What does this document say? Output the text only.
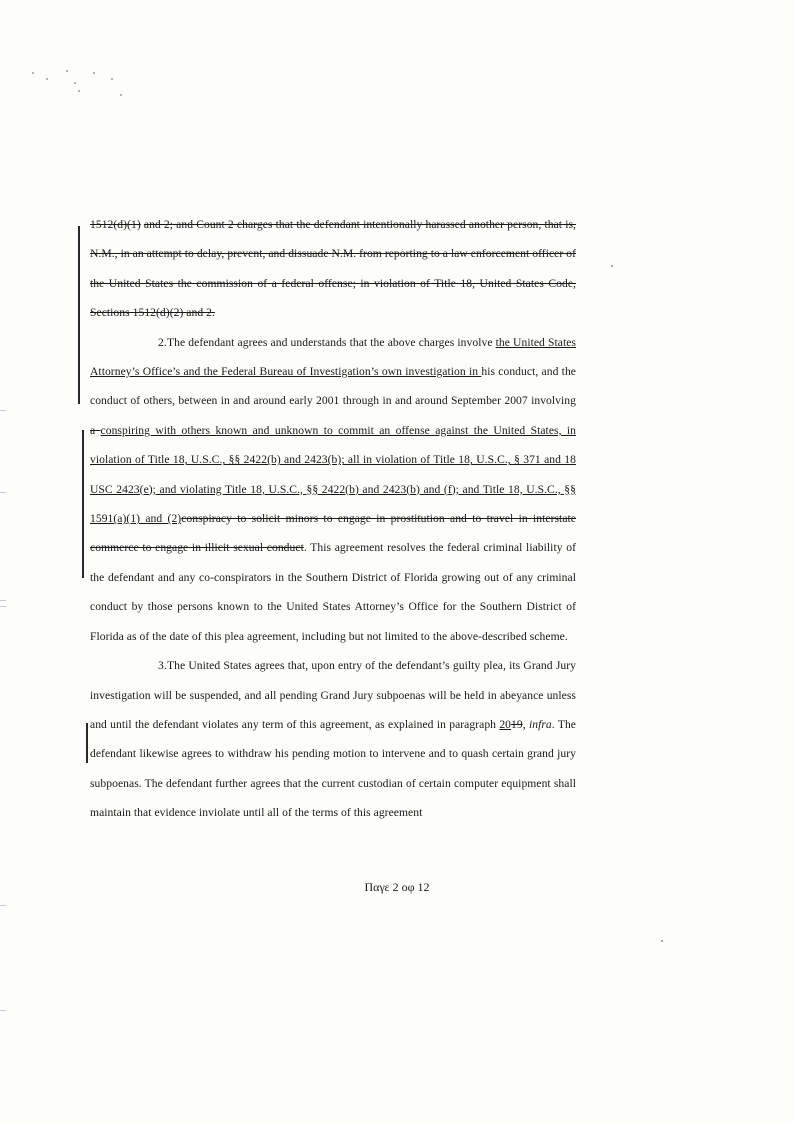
1512(d)(1) and 2; and Count 2 charges that the defendant intentionally harassed another person, that is, N.M., in an attempt to delay, prevent, and dissuade N.M. from reporting to a law enforcement officer of the United States the commission of a federal offense; in violation of Title 18, United States Code, Sections 1512(d)(2) and 2.

2.The defendant agrees and understands that the above charges involve the United States Attorney’s Office’s and the Federal Bureau of Investigation’s own investigation in his conduct, and the conduct of others, between in and around early 2001 through in and around September 2007 involving a conspiring with others known and unknown to commit an offense against the United States, in violation of Title 18, U.S.C., §§ 2422(b) and 2423(b); all in violation of Title 18, U.S.C., § 371 and 18 USC 2423(e); and violating Title 18, U.S.C., §§ 2422(b) and 2423(b) and (f); and Title 18, U.S.C., §§ 1591(a)(1) and (2)conspiracy to solicit minors to engage in prostitution and to travel in interstate commerce to engage in illicit sexual conduct. This agreement resolves the federal criminal liability of the defendant and any co-conspirators in the Southern District of Florida growing out of any criminal conduct by those persons known to the United States Attorney’s Office for the Southern District of Florida as of the date of this plea agreement, including but not limited to the above-described scheme.

3.The United States agrees that, upon entry of the defendant’s guilty plea, its Grand Jury investigation will be suspended, and all pending Grand Jury subpoenas will be held in abeyance unless and until the defendant violates any term of this agreement, as explained in paragraph 2019, infra. The defendant likewise agrees to withdraw his pending motion to intervene and to quash certain grand jury subpoenas. The defendant further agrees that the current custodian of certain computer equipment shall maintain that evidence inviolate until all of the terms of this agreement

Παγε 2 οφ 12
